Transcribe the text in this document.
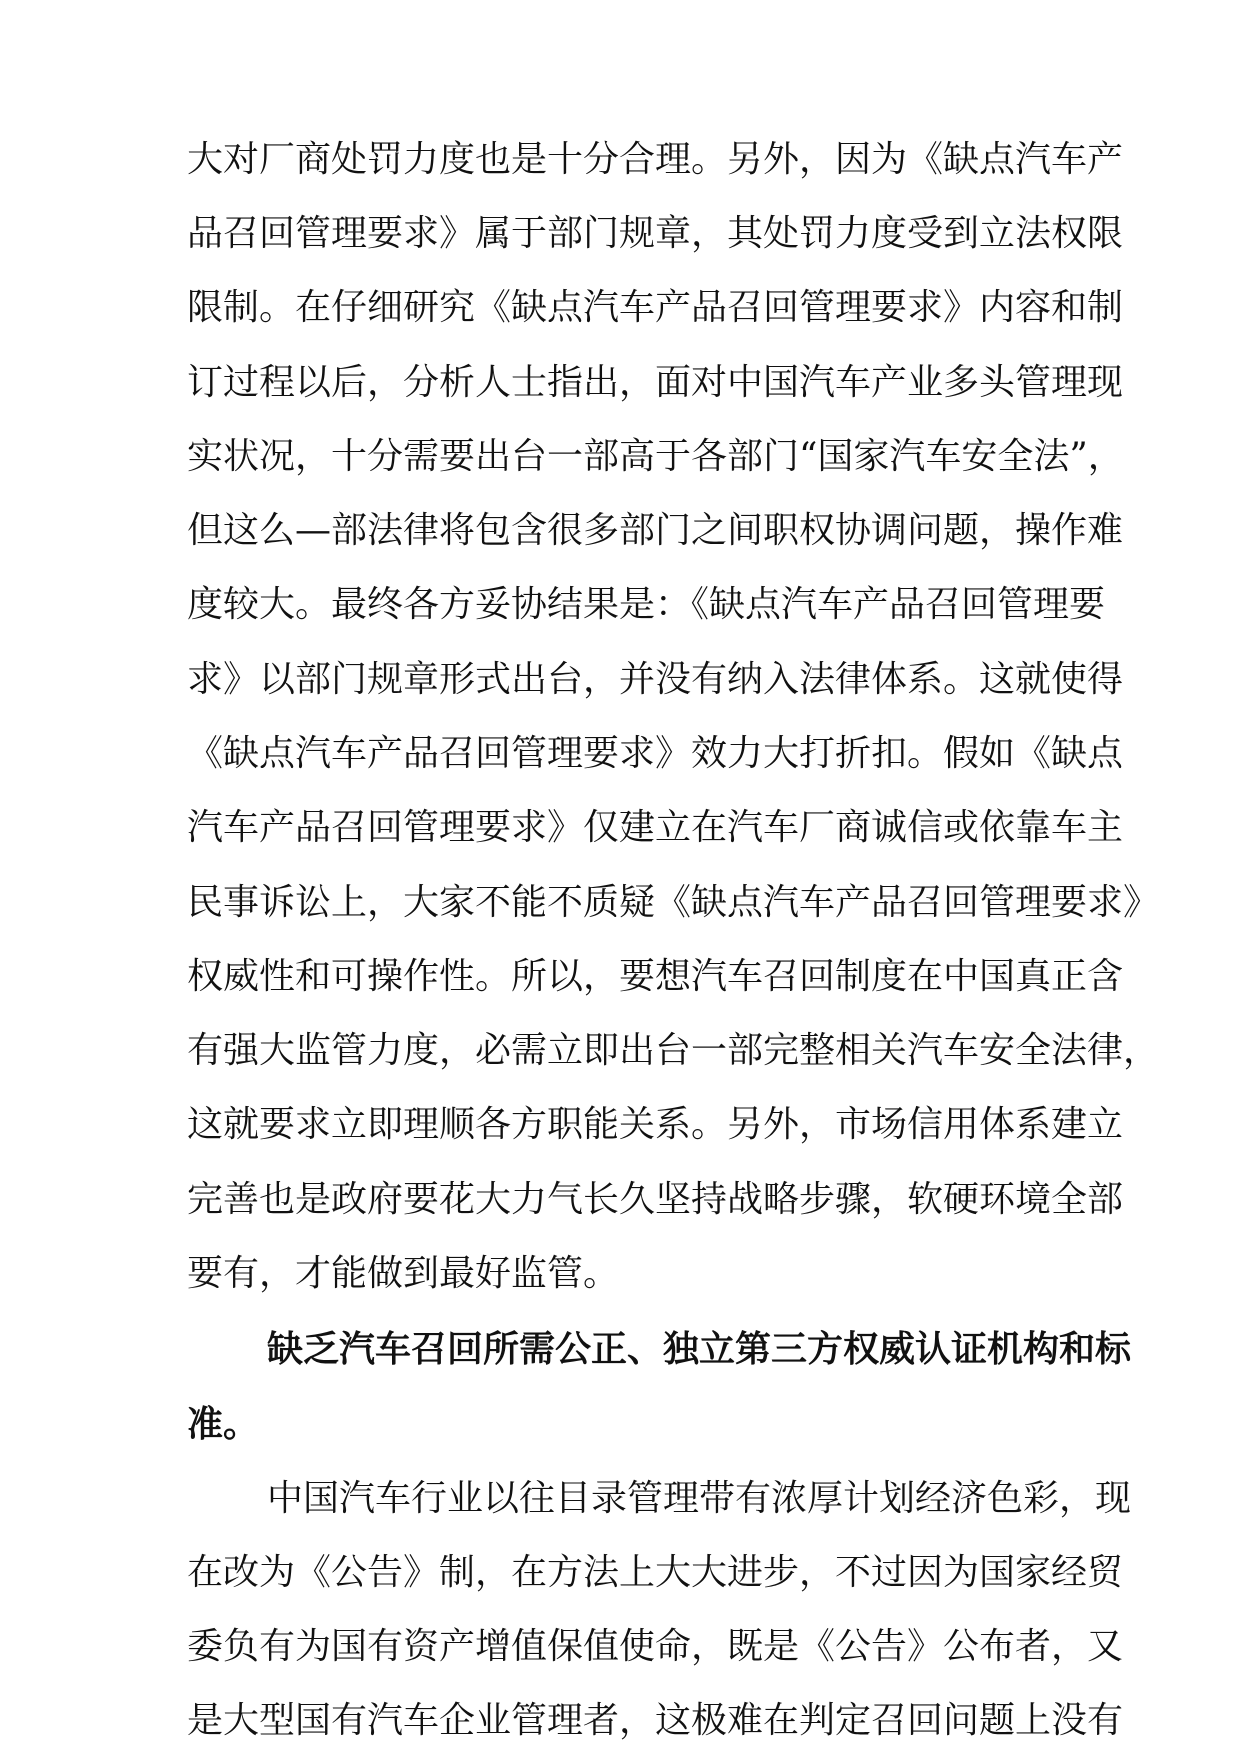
大对厂商处罚力度也是十分合理。另外，因为《缺点汽车产
品召回管理要求》属于部门规章，其处罚力度受到立法权限
限制。在仔细研究《缺点汽车产品召回管理要求》内容和制
订过程以后，分析人士指出，面对中国汽车产业多头管理现
实状况，十分需要出台一部高于各部门“国家汽车安全法”，
但这么—部法律将包含很多部门之间职权协调问题，操作难
度较大。最终各方妥协结果是：《缺点汽车产品召回管理要
求》以部门规章形式出台，并没有纳入法律体系。这就使得
《缺点汽车产品召回管理要求》效力大打折扣。假如《缺点
汽车产品召回管理要求》仅建立在汽车厂商诚信或依靠车主
民事诉讼上，大家不能不质疑《缺点汽车产品召回管理要求》
权威性和可操作性。所以，要想汽车召回制度在中国真正含
有强大监管力度，必需立即出台一部完整相关汽车安全法律，
这就要求立即理顺各方职能关系。另外，市场信用体系建立
完善也是政府要花大力气长久坚持战略步骤，软硬环境全部
要有，才能做到最好监管。
缺乏汽车召回所需公正、独立第三方权威认证机构和标
准。
中国汽车行业以往目录管理带有浓厚计划经济色彩，现
在改为《公告》制，在方法上大大进步，不过因为国家经贸
委负有为国有资产增值保值使命，既是《公告》公布者，又
是大型国有汽车企业管理者，这极难在判定召回问题上没有
